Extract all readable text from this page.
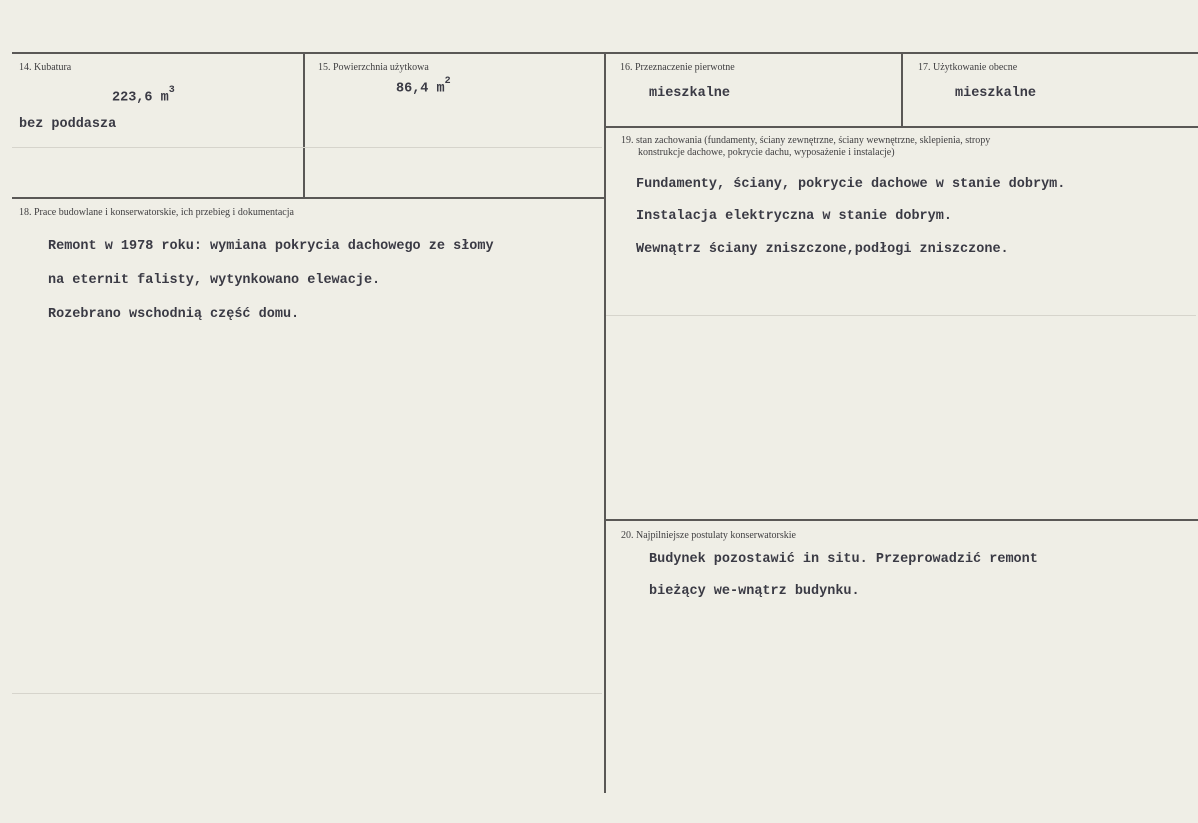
14. Kubatura
223,6 $m^3$
bez poddasza
15. Powierzchnia użytkowa
86,4 $m^2$
16. Przeznaczenie pierwotne
mieszkalne
17. Użytkowanie obecne
mieszkalne
18. Prace budowlane i konserwatorskie, ich przebieg i dokumentacja
Remont w 1978 roku: wymiana pokrycia dachowego ze słomy
na eternit falisty, wytynkowano elewacje.
Rozebrano wschodnią część domu.
19. stan zachowania (fundamenty, ściany zewnętrzne, ściany wewnętrzne, sklepienia, stropy
konstrukcje dachowe, pokrycie dachu, wyposażenie i instalacje)
Fundamenty, ściany, pokrycie dachowe w stanie dobrym.
Instalacja elektryczna w stanie dobrym.
Wewnątrz ściany zniszczone,podłogi zniszczone.
20. Najpilniejsze postulaty konserwatorskie
Budynek pozostawić in situ. Przeprowadzić remont
bieżący we-wnątrz budynku.
